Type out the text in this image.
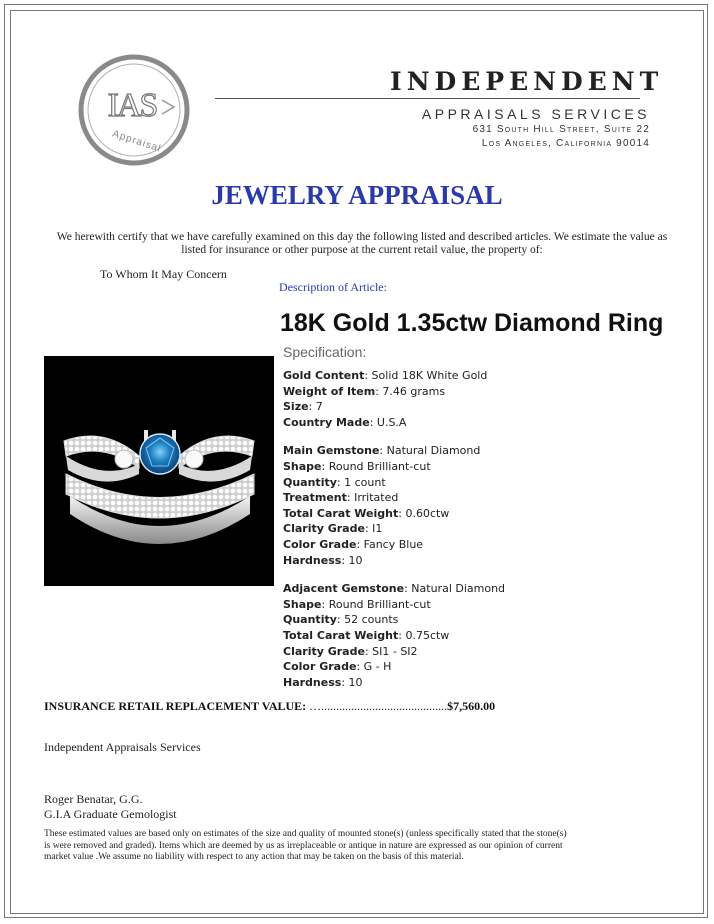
IAS
Appraisal
INDEPENDENT
APPRAISALS SERVICES
631 South Hill Street, Suite 22
Los Angeles, California 90014
JEWELRY APPRAISAL
We herewith certify that we have carefully examined on this day the following listed and described articles. We estimate the value as listed for insurance or other purpose at the current retail value, the property of:
To Whom It May Concern
Description of Article:
18K Gold 1.35ctw Diamond Ring
Specification:
Gold Content: Solid 18K White Gold
Weight of Item: 7.46 grams
Size: 7
Country Made: U.S.A
Main Gemstone: Natural Diamond
Shape: Round Brilliant-cut
Quantity: 1 count
Treatment: Irritated
Total Carat Weight: 0.60ctw
Clarity Grade: I1
Color Grade: Fancy Blue
Hardness: 10
Adjacent Gemstone: Natural Diamond
Shape: Round Brilliant-cut
Quantity: 52 counts
Total Carat Weight: 0.75ctw
Clarity Grade: SI1 - SI2
Color Grade: G - H
Hardness: 10
INSURANCE RETAIL REPLACEMENT VALUE: …..........................................$7,560.00
Independent Appraisals Services
Roger Benatar, G.G.
G.I.A Graduate Gemologist
These estimated values are based only on estimates of the size and quality of mounted stone(s) (unless specifically stated that the stone(s) is were removed and graded). Items which are deemed by us as irreplaceable or antique in nature are expressed as our opinion of current market value .We assume no liability with respect to any action that may be taken on the basis of this material.
